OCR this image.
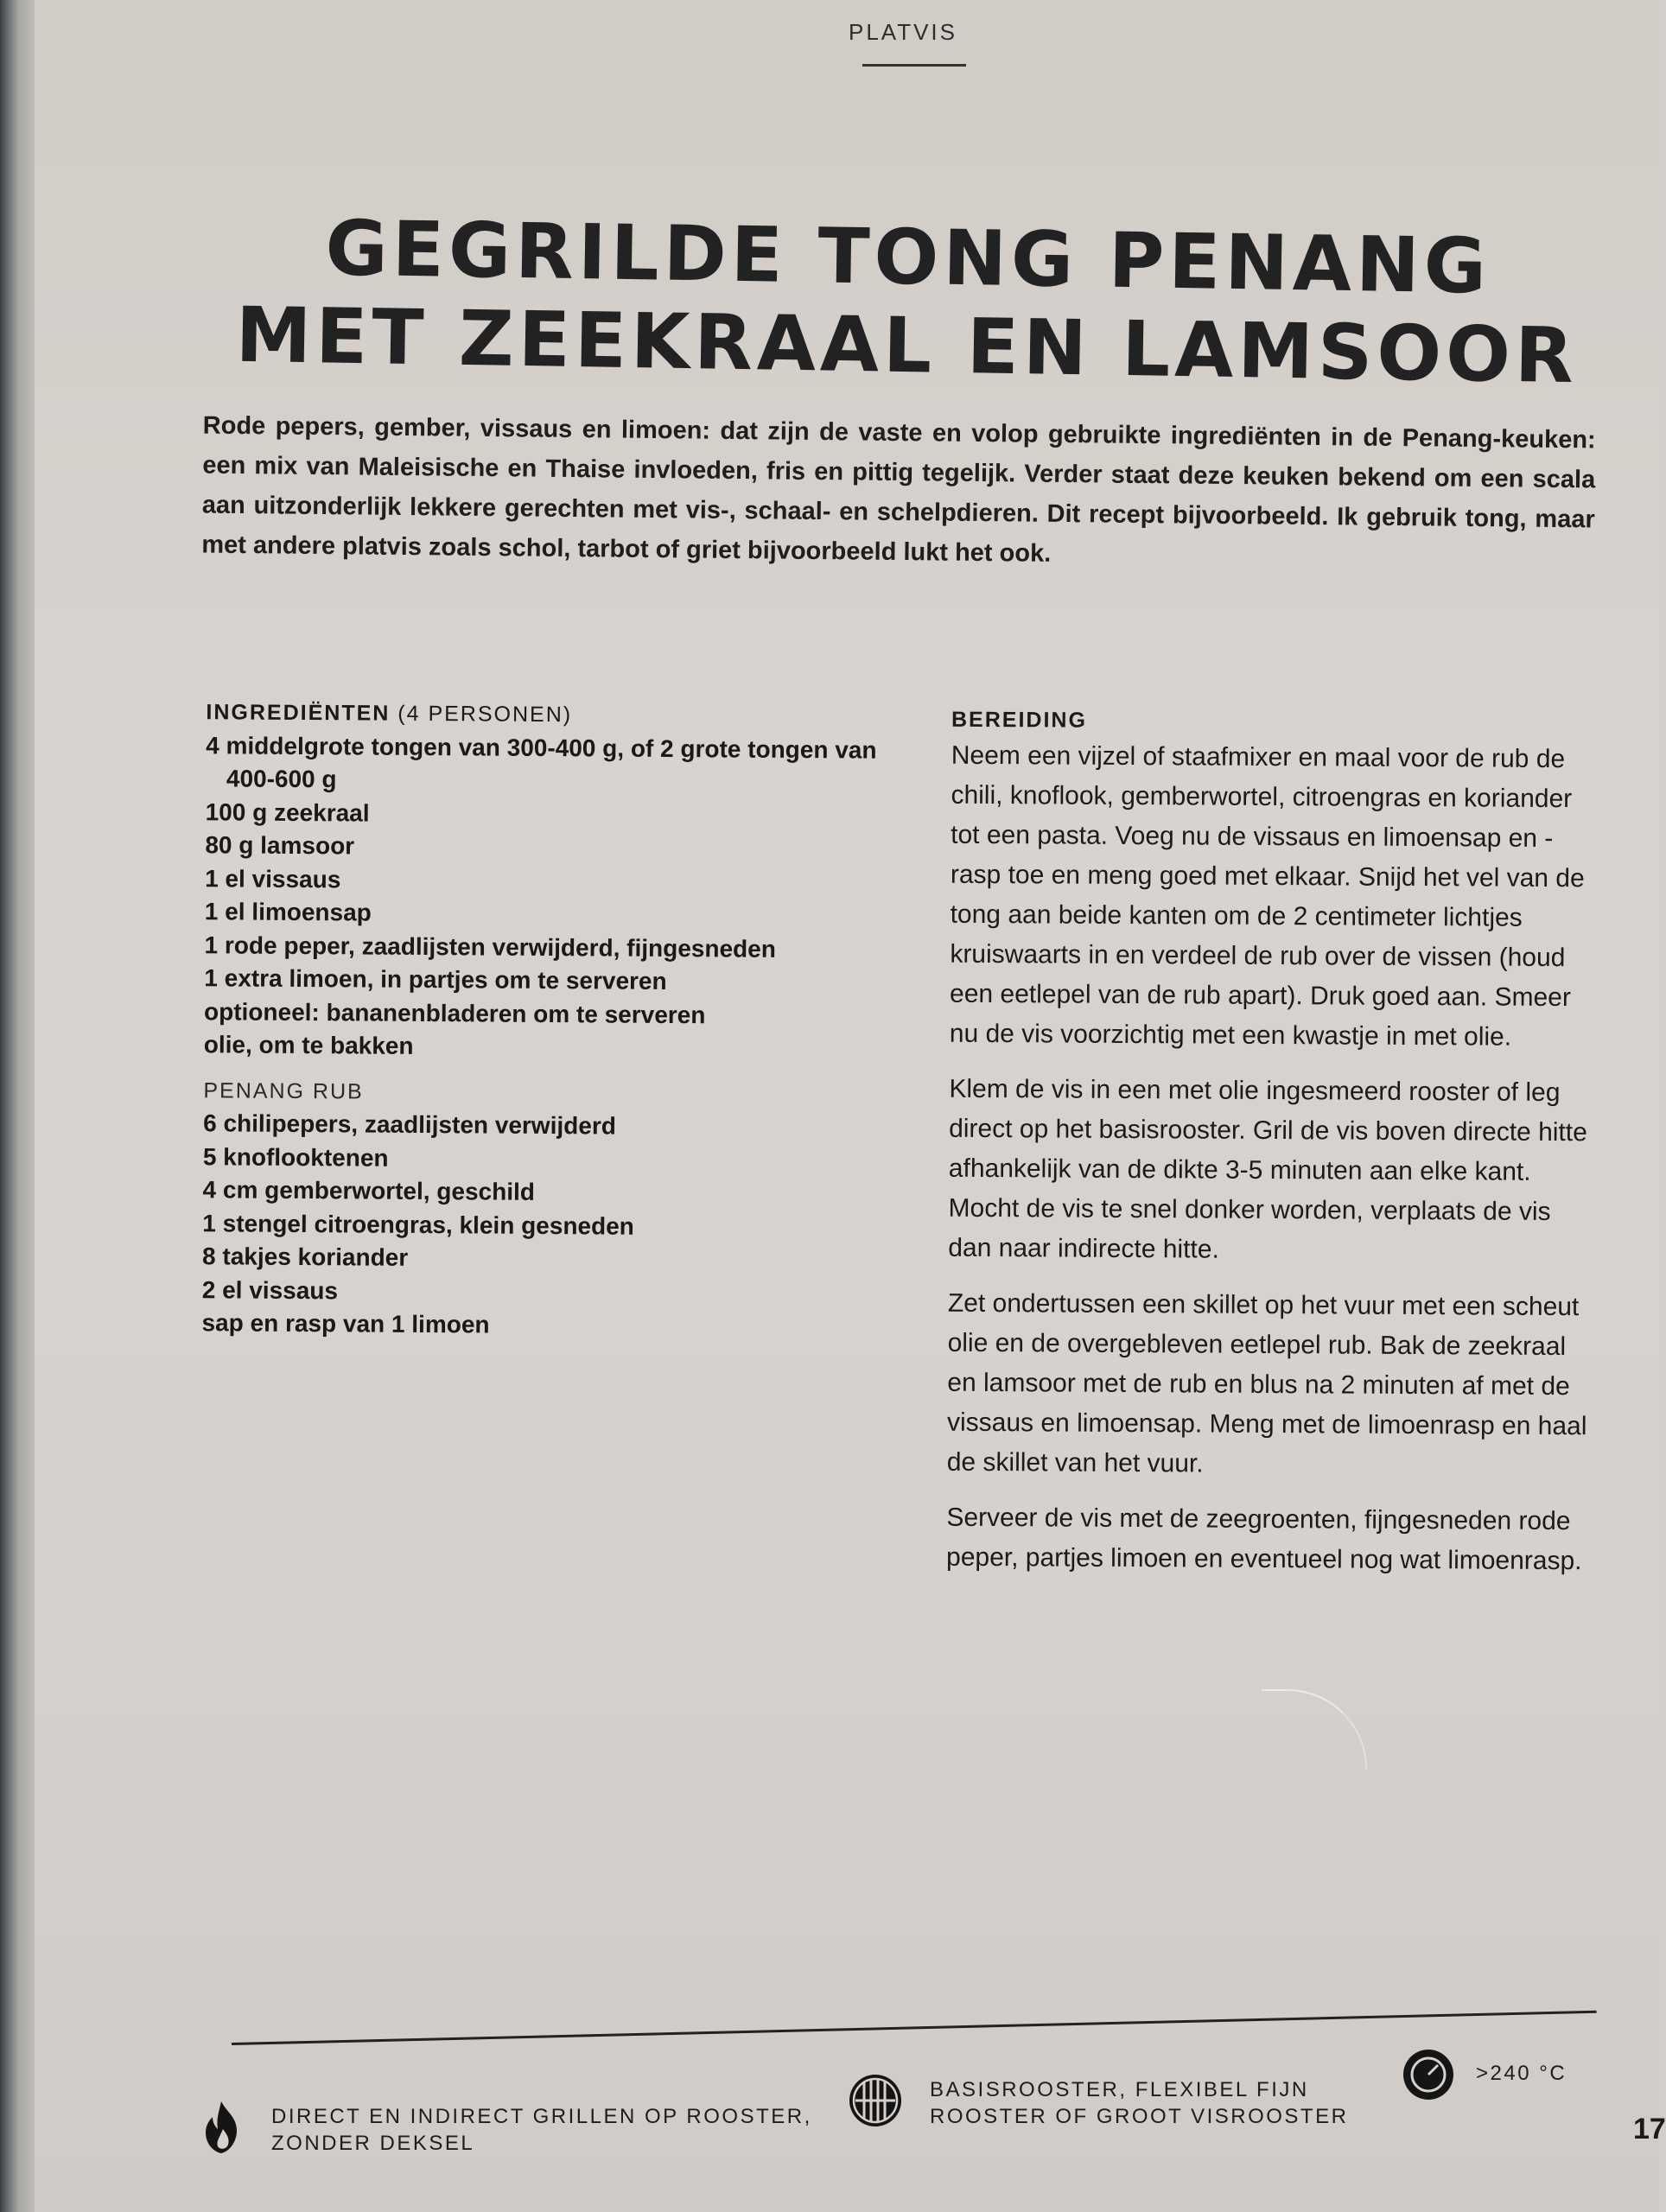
PLATVIS
GEGRILDE TONG PENANG
MET ZEEKRAAL EN LAMSOOR
Rode pepers, gember, vissaus en limoen: dat zijn de vaste en volop gebruikte ingrediënten in de Penang-keuken: een mix van Maleisische en Thaise invloeden, fris en pittig tegelijk. Verder staat deze keuken bekend om een scala aan uitzonderlijk lekkere gerechten met vis-, schaal- en schelpdieren. Dit recept bijvoorbeeld. Ik gebruik tong, maar met andere platvis zoals schol, tarbot of griet bijvoorbeeld lukt het ook.
INGREDIËNTEN (4 PERSONEN)
4 middelgrote tongen van 300-400 g, of 2 grote tongen van 400-600 g
100 g zeekraal
80 g lamsoor
1 el vissaus
1 el limoensap
1 rode peper, zaadlijsten verwijderd, fijngesneden
1 extra limoen, in partjes om te serveren
optioneel: bananenbladeren om te serveren
olie, om te bakken
PENANG RUB
6 chilipepers, zaadlijsten verwijderd
5 knoflooktenen
4 cm gemberwortel, geschild
1 stengel citroengras, klein gesneden
8 takjes koriander
2 el vissaus
sap en rasp van 1 limoen
BEREIDING

Neem een vijzel of staafmixer en maal voor de rub de chili, knoflook, gemberwortel, citroengras en koriander tot een pasta. Voeg nu de vissaus en limoensap en -rasp toe en meng goed met elkaar. Snijd het vel van de tong aan beide kanten om de 2 centimeter lichtjes kruiswaarts in en verdeel de rub over de vissen (houd een eetlepel van de rub apart). Druk goed aan. Smeer nu de vis voorzichtig met een kwastje in met olie.

Klem de vis in een met olie ingesmeerd rooster of leg direct op het basisrooster. Gril de vis boven directe hitte afhankelijk van de dikte 3-5 minuten aan elke kant. Mocht de vis te snel donker worden, verplaats de vis dan naar indirecte hitte.

Zet ondertussen een skillet op het vuur met een scheut olie en de overgebleven eetlepel rub. Bak de zeekraal en lamsoor met de rub en blus na 2 minuten af met de vissaus en limoensap. Meng met de limoenrasp en haal de skillet van het vuur.

Serveer de vis met de zeegroenten, fijngesneden rode peper, partjes limoen en eventueel nog wat limoenrasp.

DIRECT EN INDIRECT GRILLEN OP ROOSTER,
ZONDER DEKSEL
BASISROOSTER, FLEXIBEL FIJN
ROOSTER OF GROOT VISROOSTER
>240 °C
17
